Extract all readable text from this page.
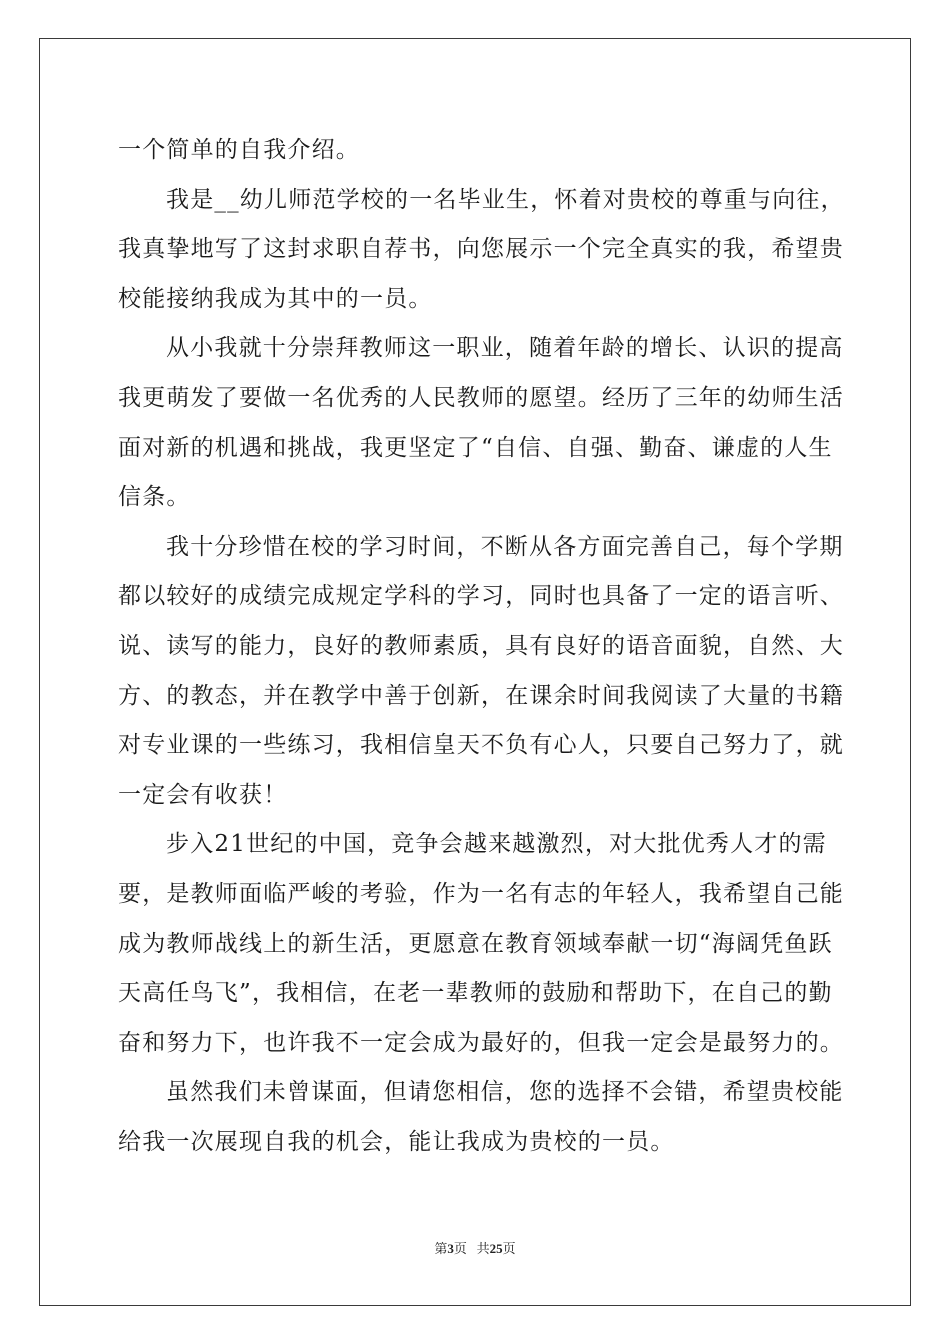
一个简单的自我介绍。
我是__幼儿师范学校的一名毕业生，怀着对贵校的尊重与向往，
我真挚地写了这封求职自荐书，向您展示一个完全真实的我，希望贵
校能接纳我成为其中的一员。
从小我就十分崇拜教师这一职业，随着年龄的增长、认识的提高
我更萌发了要做一名优秀的人民教师的愿望。经历了三年的幼师生活
面对新的机遇和挑战，我更坚定了“自信、自强、勤奋、谦虚的人生
信条。
我十分珍惜在校的学习时间，不断从各方面完善自己，每个学期
都以较好的成绩完成规定学科的学习，同时也具备了一定的语言听、
说、读写的能力，良好的教师素质，具有良好的语音面貌，自然、大
方、的教态，并在教学中善于创新，在课余时间我阅读了大量的书籍
对专业课的一些练习，我相信皇天不负有心人，只要自己努力了，就
一定会有收获！
步入21世纪的中国，竞争会越来越激烈，对大批优秀人才的需
要，是教师面临严峻的考验，作为一名有志的年轻人，我希望自己能
成为教师战线上的新生活，更愿意在教育领域奉献一切“海阔凭鱼跃
天高任鸟飞”，我相信，在老一辈教师的鼓励和帮助下，在自己的勤
奋和努力下，也许我不一定会成为最好的，但我一定会是最努力的。
虽然我们未曾谋面，但请您相信，您的选择不会错，希望贵校能
给我一次展现自我的机会，能让我成为贵校的一员。
第3页 共25页
